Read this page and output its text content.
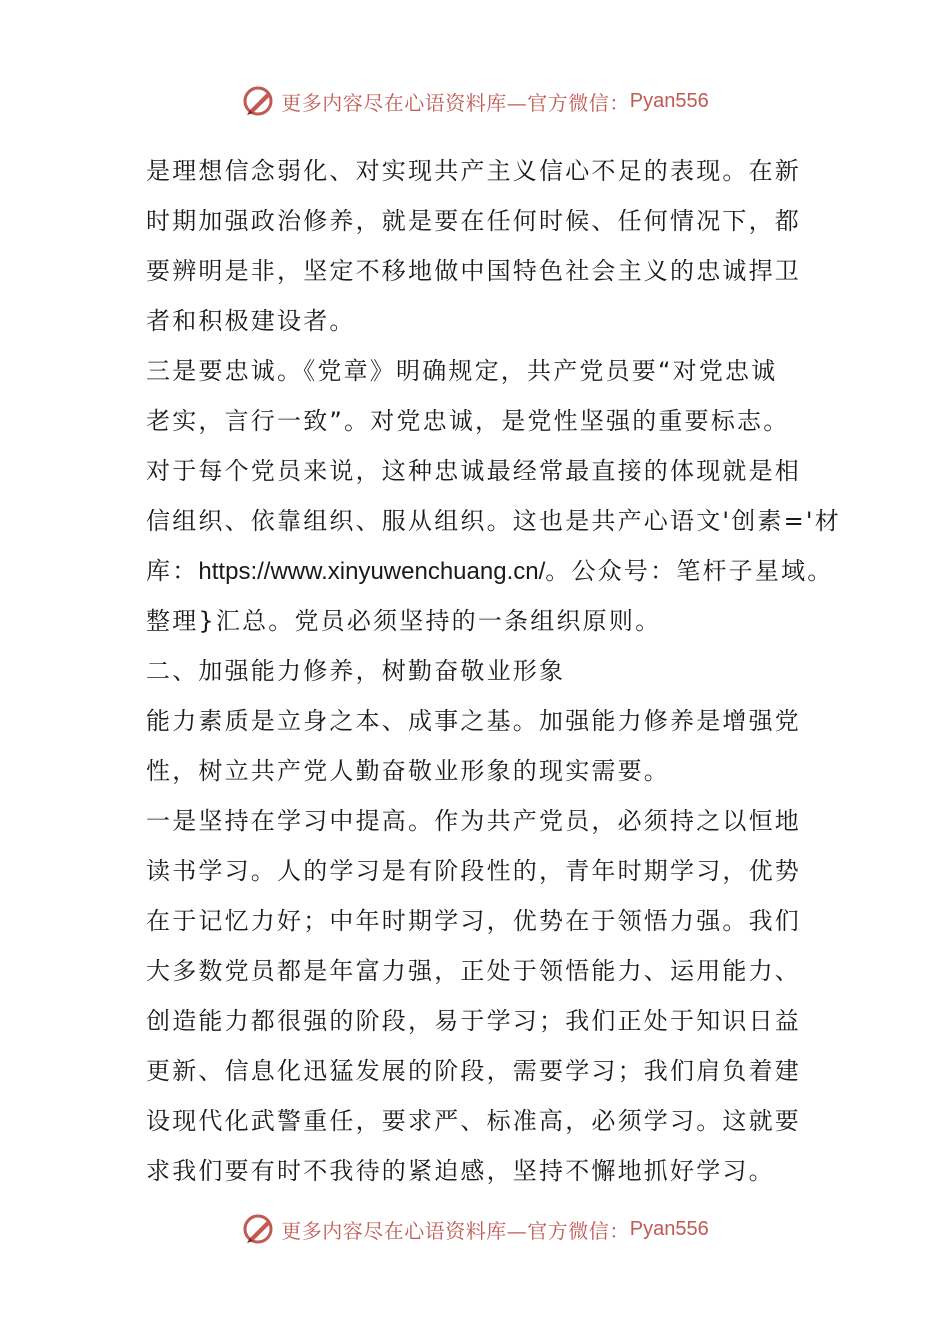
更多内容尽在心语资料库—官方微信： Pyan556
是理想信念弱化、对实现共产主义信心不足的表现。在新
时期加强政治修养，就是要在任何时候、任何情况下，都
要辨明是非，坚定不移地做中国特色社会主义的忠诚捍卫
者和积极建设者。
三是要忠诚。《党章》明确规定，共产党员要“对党忠诚
老实，言行一致”。对党忠诚，是党性坚强的重要标志。
对于每个党员来说，这种忠诚最经常最直接的体现就是相
信组织、依靠组织、服从组织。这也是共产心语文'创素='材
库：https://www.xinyuwenchuang.cn/。公众号：笔杆子星域。
整理}汇总。党员必须坚持的一条组织原则。
二、加强能力修养，树勤奋敬业形象
能力素质是立身之本、成事之基。加强能力修养是增强党
性，树立共产党人勤奋敬业形象的现实需要。
一是坚持在学习中提高。作为共产党员，必须持之以恒地
读书学习。人的学习是有阶段性的，青年时期学习，优势
在于记忆力好；中年时期学习，优势在于领悟力强。我们
大多数党员都是年富力强，正处于领悟能力、运用能力、
创造能力都很强的阶段，易于学习；我们正处于知识日益
更新、信息化迅猛发展的阶段，需要学习；我们肩负着建
设现代化武警重任，要求严、标准高，必须学习。这就要
求我们要有时不我待的紧迫感，坚持不懈地抓好学习。
更多内容尽在心语资料库—官方微信： Pyan556
